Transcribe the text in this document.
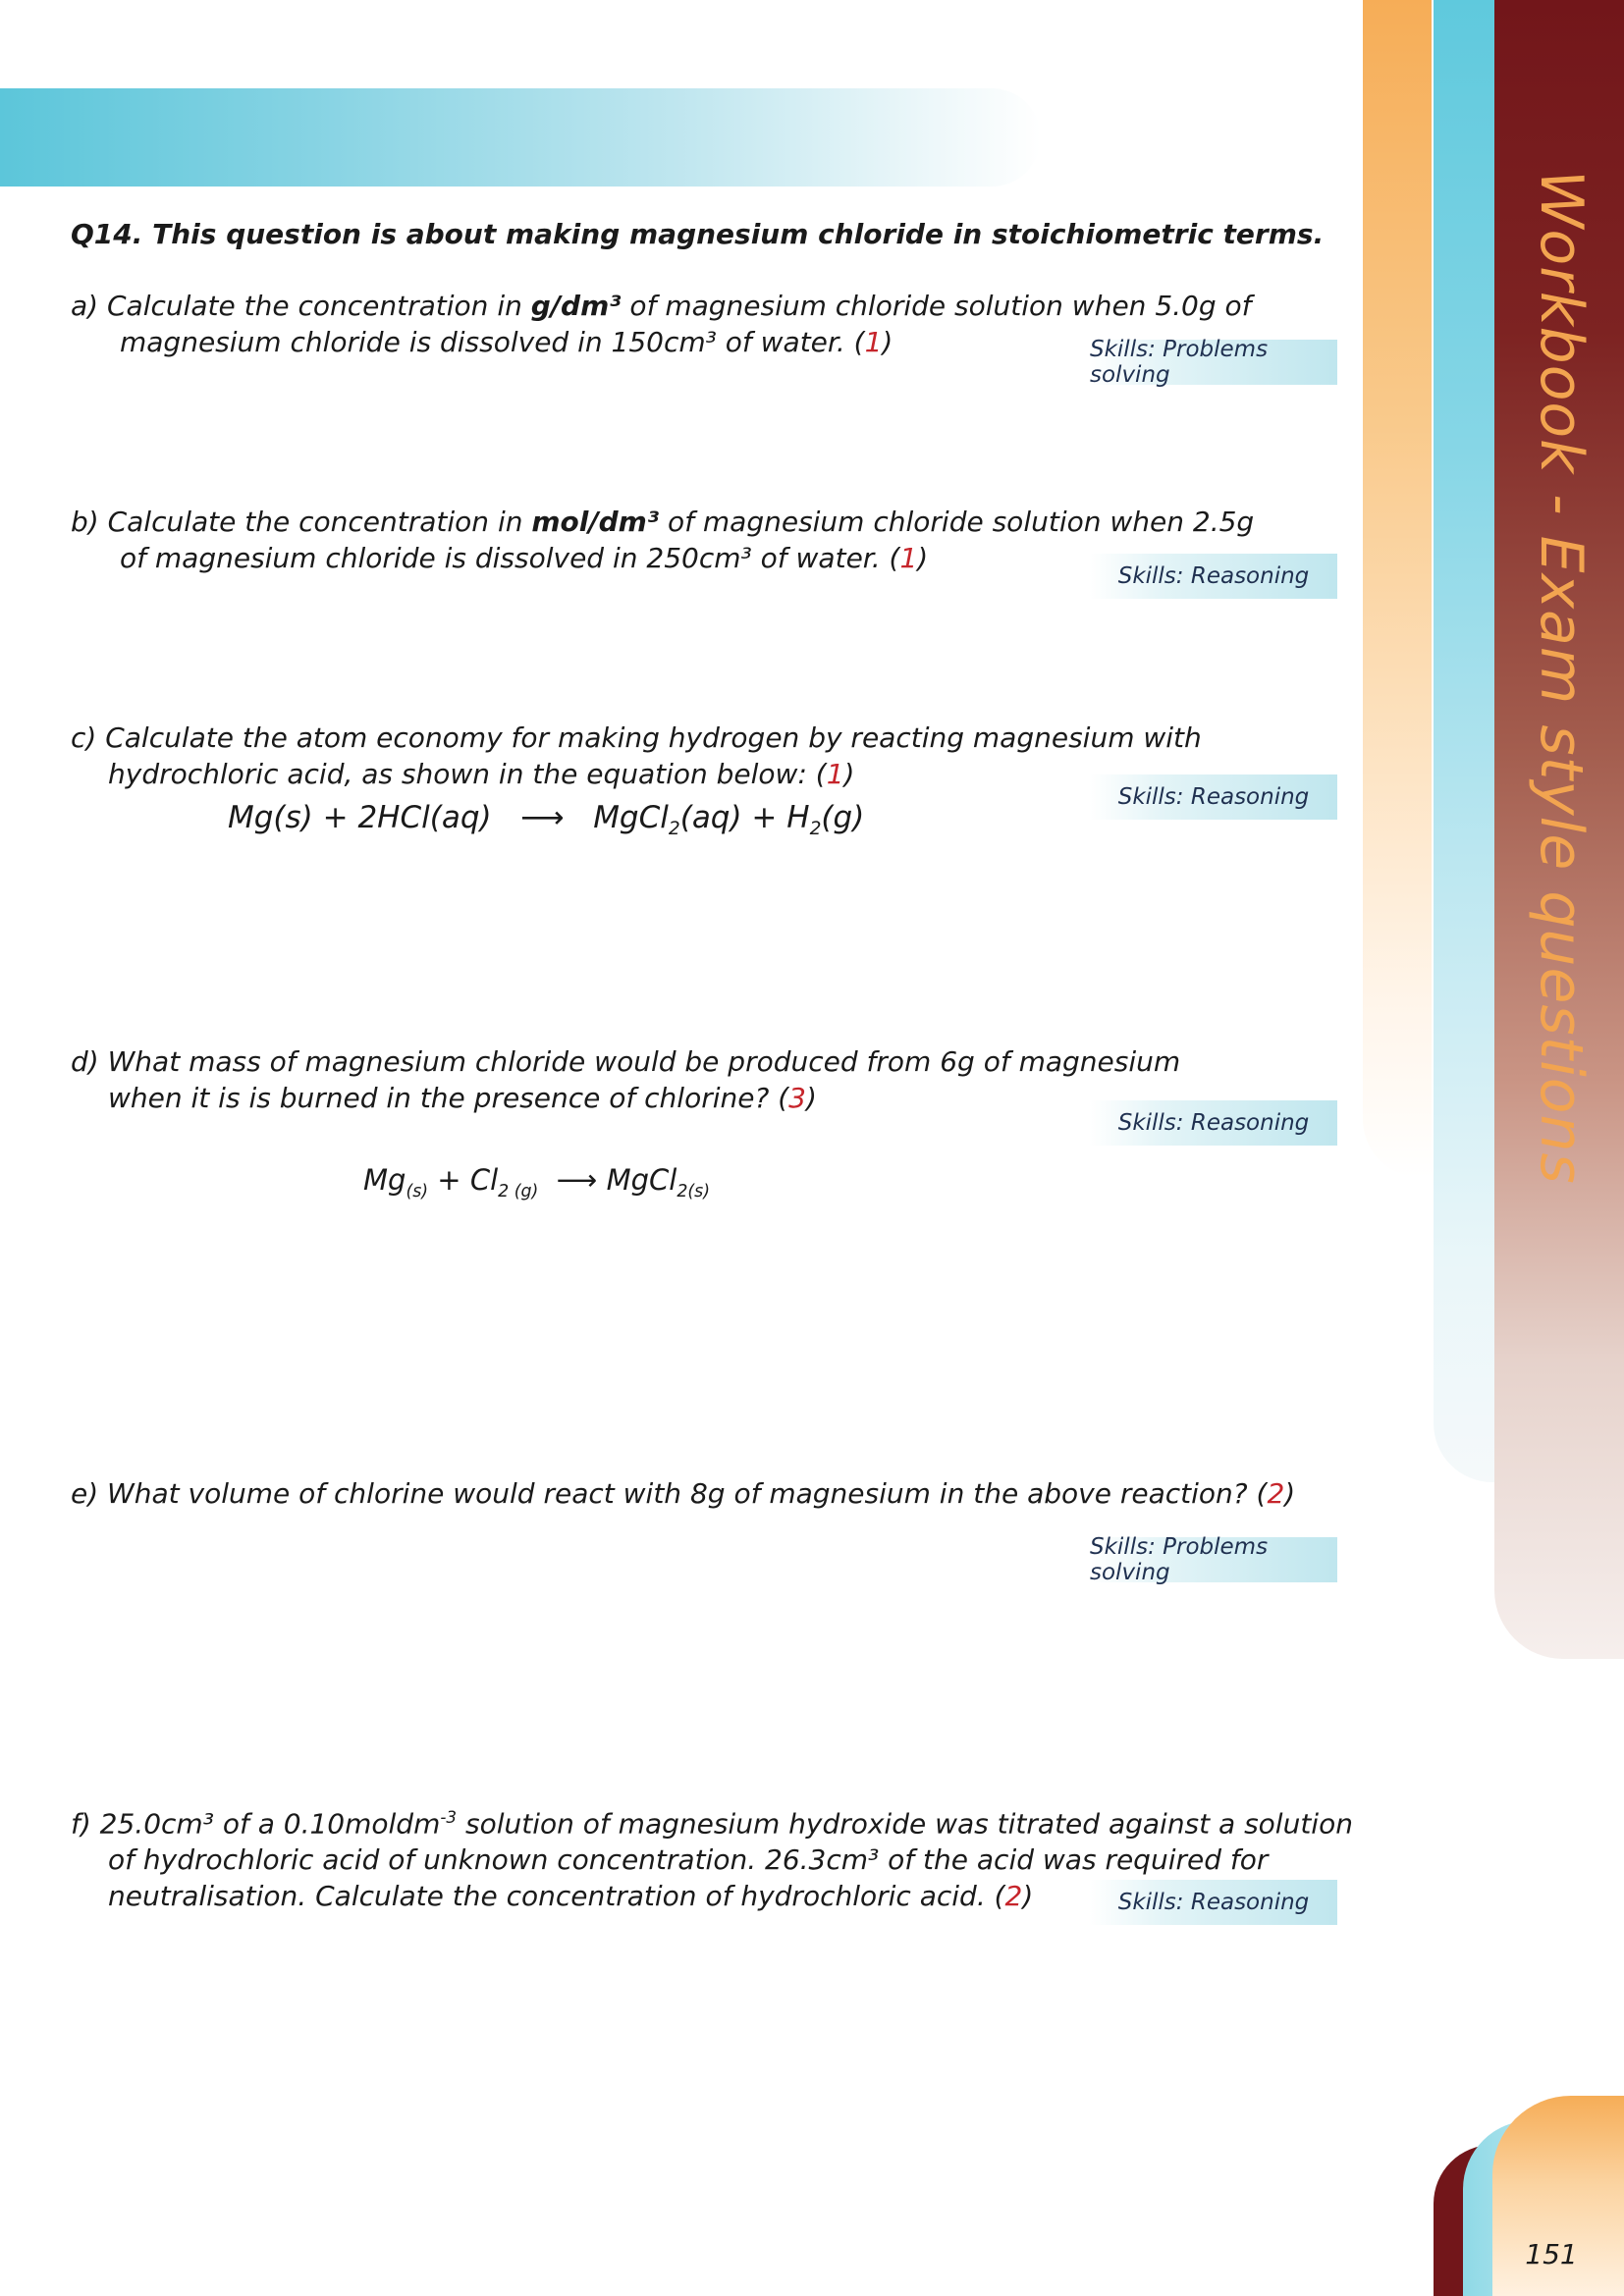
Workbook - Exam style questions
151
Q14. This question is about making magnesium chloride in stoichiometric terms.
a) Calculate the concentration in g/dm³ of magnesium chloride solution when 5.0g of
magnesium chloride is dissolved in 150cm³ of water. (1)	Skills: Problems solving
b) Calculate the concentration in mol/dm³ of magnesium chloride solution when 2.5g
of magnesium chloride is dissolved in 250cm³ of water. (1)
Skills: Reasoning
c) Calculate the atom economy for making hydrogen by reacting magnesium with
hydrochloric acid, as shown in the equation below: (1)
Skills: Reasoning
Mg(s) + 2HCl(aq) ⟶ MgCl$_2$(aq) + $H_2(g)$
d) What mass of magnesium chloride would be produced from 6g of magnesium
when it is is burned in the presence of chlorine? (3)
Skills: Reasoning
$Mg_{(s)} + Cl_{2 (g)}$ ⟶ MgCl$_{2(s)}$
e) What volume of chlorine would react with 8g of magnesium in the above reaction? (2)
Skills: Problems solving
f) 25.0cm³ of a 0.10moldm$^{-3}$ solution of magnesium hydroxide was titrated against a solution
of hydrochloric acid of unknown concentration. 26.3cm³ of the acid was required for
neutralisation. Calculate the concentration of hydrochloric acid. (2)	Skills: Reasoning
